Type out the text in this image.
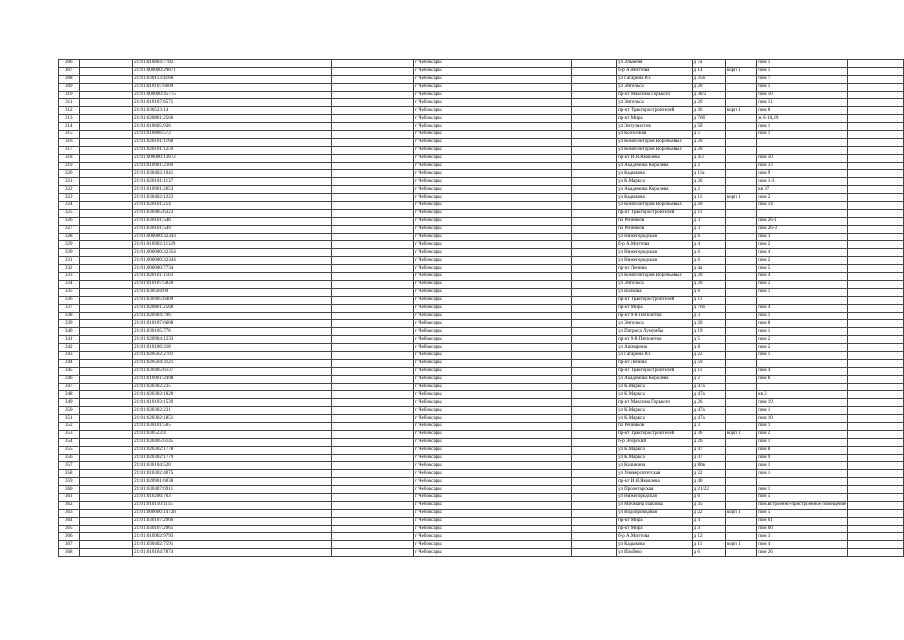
306		21:01:010804:7782		г Чебоксары		ул Эльменя	д 7а		пом 1	
307		21:01:000000:29871		г Чебоксары		б-р А.Миттова	д 14	корп 1	пом 1	
308		21:01:030113:4168		г Чебоксары		ул Гагарина Ю.	д 35б		пом 7	
309		21:01:010107:6609		г Чебоксары		ул Энгельса	д 20		пом 1	
310		21:01:000000:45775		г Чебоксары		пр-кт Максима Горького	д 38/2		пом 10	
311		21:01:010107:6571		г Чебоксары		ул Энгельса	д 20		пом 11	
312		21:01:030523:14		г Чебоксары		пр-кт Тракторостроителей	д 36	корп 1	пом 8	
313		21:01:020801:2566		г Чебоксары		пр-кт Мира	д 76б		ж 6-10,29	
314		21:01:010605:936		г Чебоксары		ул Энтузиастов	д 5б		пом 1	
315		21:01:010806:572		г Чебоксары		ул Колхозная	д 5		пом 1	
316		21:01:020101:1168		г Чебоксары		ул Композиторов Воробьевых	д 20			
317		21:01:020101:1259		г Чебоксары		ул Композиторов Воробьевых	д 20			
318		21:01:000000:13872		г Чебоксары		пр-кт И.Я.Яковлева	д 4/2		пом 50	
319		21:01:010901:2169		г Чебоксары		ул Академика Королева	д 2		пом 33	
320		21:01:030402:1041		г Чебоксары		ул Кадыкова	д 11а		пом 9	
321		21:01:020101:1137		г Чебоксары		ул К.Маркса	д 26		пом 1-3	
322		21:01:010901:2653		г Чебоксары		ул Академика Королева	д 2		кв 37	
323		21:01:030402:1223		г Чебоксары		ул Кадыкова	д 11	корп 1	пом 2	
324		21:01:020101:254		г Чебоксары		ул Композиторов Воробьевых	д 20		пом 14	
325		21:01:030405:6323		г Чебоксары		пр-кт Тракторостроителей	д 11			
326		21:01:030101:548		г Чебоксары		пл Речников	д 3		пом 26-1	
327		21:01:030101:549		г Чебоксары		пл Речников	д 3		пом 26-3	
328		21:01:000000:32343		г Чебоксары		ул Нижегородская	д 6		пом 3	
329		21:01:010902:11129		г Чебоксары		б-р А.Миттова	д 4		пом 2	
330		21:01:000000:32354		г Чебоксары		ул Нижегородская	д 6		пом 4	
331		21:01:000000:32344		г Чебоксары		ул Нижегородская	д 6		пом 2	
332		21:01:000000:7734		г Чебоксары		пр-кт Ленина	д 4а		пом 5	
333		21:01:020101:1163		г Чебоксары		ул Композиторов Воробьевых	д 20		пом 4	
334		21:01:010107:5820		г Чебоксары		ул Энгельса	д 20		пом 2	
335		21:01:030504:69		г Чебоксары		ул Волкова	д 6		пом 1	
336		21:01:030405:6409		г Чебоксары		пр-кт Тракторостроителей	д 11			
337		21:01:020801:2568		г Чебоксары		пр-кт Мира	д 76б		пом 4	
338		21:01:020904:796		г Чебоксары		пр-кт 9-й Пятилетки	д 3		пом 1	
339		21:01:010107:6608		г Чебоксары		ул Энгельса	д 20		пом 8	
340		21:01:030105:776		г Чебоксары		ул Патриса Лумумбы	д 19		пом 1	
341		21:01:020904:1233		г Чебоксары		пр-кт 9-й Пятилетки	д 5		пом 2	
342		21:01:010106:318		г Чебоксары		ул Ашмарина	д 8		пом 2	
343		21:01:020502:2701		г Чебоксары		ул Гагарина Ю.	д 22		пом 1	
344		21:01:020504:3121		г Чебоксары		пр-кт Ленина	д 59			
345		21:01:030405:6137		г Чебоксары		пр-кт Тракторостроителей	д 11		пом 4	
346		21:01:010901:2498		г Чебоксары		ул Академика Королева	д 2		пом 8	
347		21:01:020302:235		г Чебоксары		ул К.Маркса	д 47а			
348		21:01:020302:1820		г Чебоксары		ул К.Маркса	д 47а		кв 2	
349		21:01:010103:1539		г Чебоксары		пр-кт Максима Горького	д 26		пом 19	
350		21:01:020302:231		г Чебоксары		ул К.Маркса	д 47а		пом 1	
351		21:01:020302:1851		г Чебоксары		ул К.Маркса	д 47а		пом 10	
352		21:01:030101:505		г Чебоксары		пл Речников	д 3		пом 1	
353		21:01:030523:4		г Чебоксары		пр-кт Тракторостроителей	д 36	корп 1	пом 2	
354		21:01:030405:6145		г Чебоксары		б-р Эгерский	д 26		пом 1	
355		21:01:020302:1778		г Чебоксары		ул К.Маркса	д 47		пом 8	
356		21:01:020302:1779		г Чебоксары		ул К.Маркса	д 47		пом 9	
357		21:01:030104:520		г Чебоксары		ул Калинина	д 80в		пом 1	
358		21:01:010302:4075		г Чебоксары		ул Университетская	д 22		пом 1	
359		21:01:020901:6038		г Чебоксары		пр-кт И.Я.Яковлева	д 40			
360		21:01:030407:6911		г Чебоксары		ул Пролетарская	д 21/22		пом 1	
361		21:01:010206:763		г Чебоксары		ул Нижегородская	д 6		пом 5	
362		21:01:010110:1115		г Чебоксары		ул Мичмана Павлова	д 35		пом.встроенно-пристроенное помещение	
363		21:01:000000:14728		г Чебоксары		ул Водопроводная	д 22	корп 1	пом 5	
364		21:01:030107:2966		г Чебоксары		пр-кт Мира	д 4		пом 61	
365		21:01:030107:2965		г Чебоксары		пр-кт Мира	д 4		пом 60	
366		21:01:010902:9793		г Чебоксары		б-р А.Миттова	д 12		пом 3	
367		21:01:030402:7591		г Чебоксары		ул Кадыкова	д 11	корп 1	пом 4	
368		21:01:010104:7874		г Чебоксары		ул Ильбеко	д 6		пом 26	
